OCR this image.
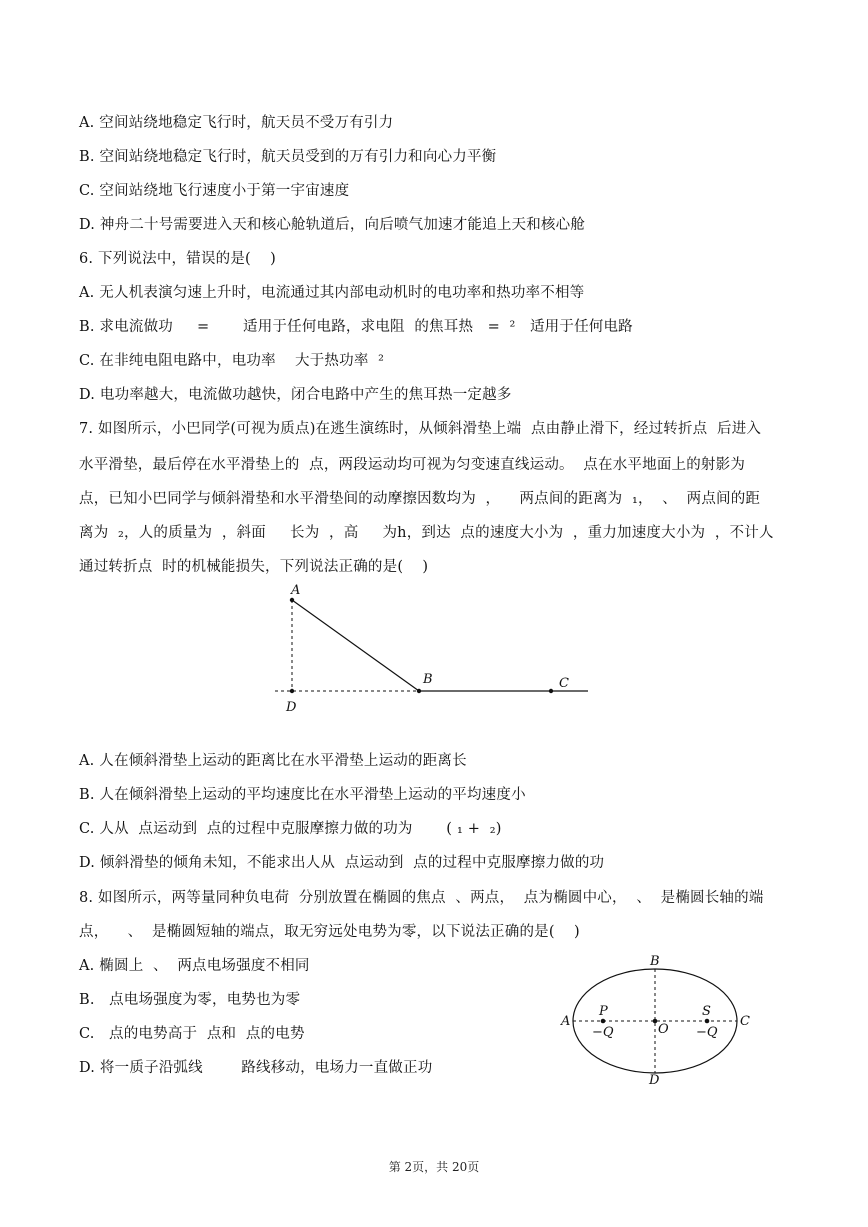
A. 空间站绕地稳定飞行时，航天员不受万有引力
B. 空间站绕地稳定飞行时，航天员受到的万有引力和向心力平衡
C. 空间站绕地飞行速度小于第一宇宙速度
D. 神舟二十号需要进入天和核心舱轨道后，向后喷气加速才能追上天和核心舱
6. 下列说法中，错误的是(    )
A. 无人机表演匀速上升时，电流通过其内部电动机时的电功率和热功率不相等
B. 求电流做功     =       适用于任何电路，求电阻  的焦耳热   =  ²   适用于任何电路
C. 在非纯电阻电路中，电功率    大于热功率  ²
D. 电功率越大，电流做功越快，闭合电路中产生的焦耳热一定越多
7. 如图所示，小巴同学(可视为质点)在逃生演练时，从倾斜滑垫上端  点由静止滑下，经过转折点  后进入
水平滑垫，最后停在水平滑垫上的  点，两段运动均可视为匀变速直线运动。  点在水平地面上的射影为
点，已知小巴同学与倾斜滑垫和水平滑垫间的动摩擦因数均为  ，    两点间的距离为  ₁，  、  两点间的距
离为  ₂，人的质量为  ，斜面     长为  ，高     为h，到达  点的速度大小为  ，重力加速度大小为  ，不计人
通过转折点  时的机械能损失，下列说法正确的是(    )
A
B	C
D
A. 人在倾斜滑垫上运动的距离比在水平滑垫上运动的距离长
B. 人在倾斜滑垫上运动的平均速度比在水平滑垫上运动的平均速度小
C. 人从  点运动到  点的过程中克服摩擦力做的功为       ( ₁ +  ₂)
D. 倾斜滑垫的倾角未知，不能求出人从  点运动到  点的过程中克服摩擦力做的功
8. 如图所示，两等量同种负电荷  分别放置在椭圆的焦点  、两点，  点为椭圆中心，  、  是椭圆长轴的端
点，    、  是椭圆短轴的端点，取无穷远处电势为零，以下说法正确的是(    )
A. 椭圆上  、  两点电场强度不相同
B.   点电场强度为零，电势也为零
C.   点的电势高于  点和  点的电势
D. 将一质子沿弧线        路线移动，电场力一直做正功
B
A	C
D
P	S
O
−Q	−Q
第 2页，共 20页
